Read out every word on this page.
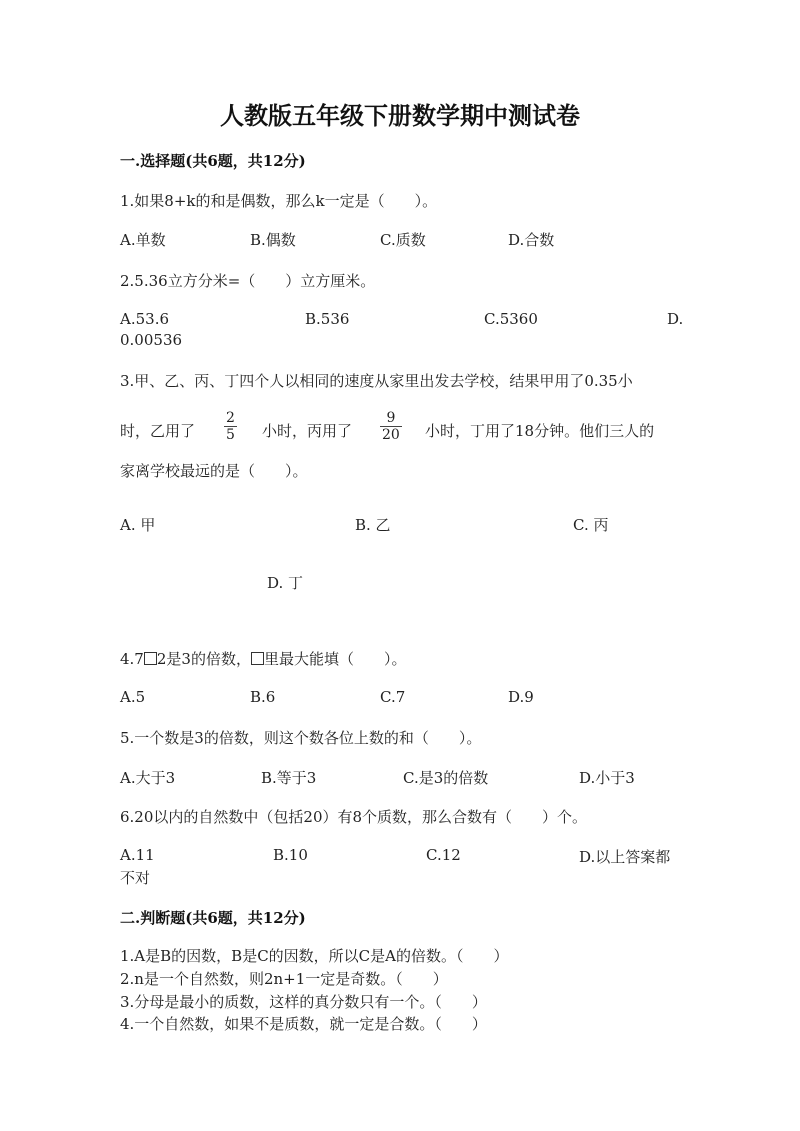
人教版五年级下册数学期中测试卷
一.选择题(共6题，共12分)
1.如果8+k的和是偶数，那么k一定是（　　）。
A.单数	B.偶数	C.质数	D.合数
2.5.36立方分米=（　　）立方厘米。
A.53.6	B.536	C.5360	D.
0.00536
3.甲、乙、丙、丁四个人以相同的速度从家里出发去学校，结果甲用了0.35小
时，乙用了 $\frac{2}{5}$ 小时，丙用了 $\frac{9}{20}$ 小时，丁用了18分钟。他们三人的
家离学校最远的是（　　）。
A. 甲	B. 乙	C. 丙
D. 丁
4.7 2是3的倍数， 里最大能填（　　）。
A.5	B.6	C.7	D.9
5.一个数是3的倍数，则这个数各位上数的和（　　）。
A.大于3	B.等于3	C.是3的倍数	D.小于3
6.20以内的自然数中（包括20）有8个质数，那么合数有（　　）个。
A.11	B.10	C.12	D.以上答案都
不对
二.判断题(共6题，共12分)
1.A是B的因数，B是C的因数，所以C是A的倍数。（　　）
2.n是一个自然数，则2n+1一定是奇数。（　　）
3.分母是最小的质数，这样的真分数只有一个。（　　）
4.一个自然数，如果不是质数，就一定是合数。（　　）
